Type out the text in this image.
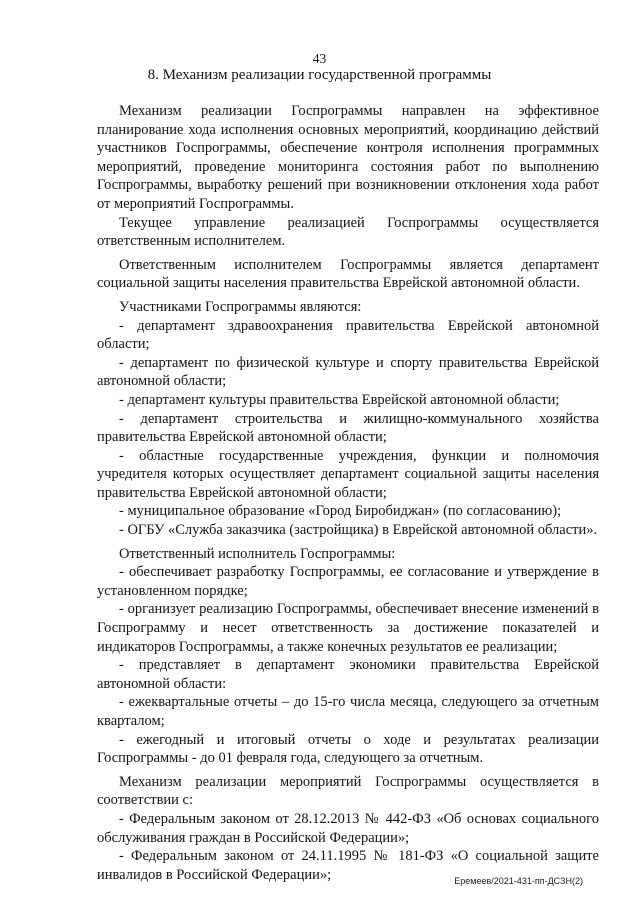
43
8. Механизм реализации государственной программы

Механизм реализации Госпрограммы направлен на эффективное планирование хода исполнения основных мероприятий, координацию действий участников Госпрограммы, обеспечение контроля исполнения программных мероприятий, проведение мониторинга состояния работ по выполнению Госпрограммы, выработку решений при возникновении отклонения хода работ от мероприятий Госпрограммы.

Текущее управление реализацией Госпрограммы осуществляется ответственным исполнителем.

Ответственным исполнителем Госпрограммы является департамент социальной защиты населения правительства Еврейской автономной области.

Участниками Госпрограммы являются:

- департамент здравоохранения правительства Еврейской автономной области;

- департамент по физической культуре и спорту правительства Еврейской автономной области;

- департамент культуры правительства Еврейской автономной области;

- департамент строительства и жилищно-коммунального хозяйства правительства Еврейской автономной области;

- областные государственные учреждения, функции и полномочия учредителя которых осуществляет департамент социальной защиты населения правительства Еврейской автономной области;

- муниципальное образование «Город Биробиджан» (по согласованию);

- ОГБУ «Служба заказчика (застройщика) в Еврейской автономной области».

Ответственный исполнитель Госпрограммы:

- обеспечивает разработку Госпрограммы, ее согласование и утверждение в установленном порядке;

- организует реализацию Госпрограммы, обеспечивает внесение изменений в Госпрограмму и несет ответственность за достижение показателей и индикаторов Госпрограммы, а также конечных результатов ее реализации;

- представляет в департамент экономики правительства Еврейской автономной области:

- ежеквартальные отчеты – до 15-го числа месяца, следующего за отчетным кварталом;

- ежегодный и итоговый отчеты о ходе и результатах реализации Госпрограммы - до 01 февраля года, следующего за отчетным.

Механизм реализации мероприятий Госпрограммы осуществляется в соответствии с:

- Федеральным законом от 28.12.2013 № 442-ФЗ «Об основах социального обслуживания граждан в Российской Федерации»;

- Федеральным законом от 24.11.1995 № 181-ФЗ «О социальной защите инвалидов в Российской Федерации»;	Еремеев/2021-431-пп-ДСЗН(2)
